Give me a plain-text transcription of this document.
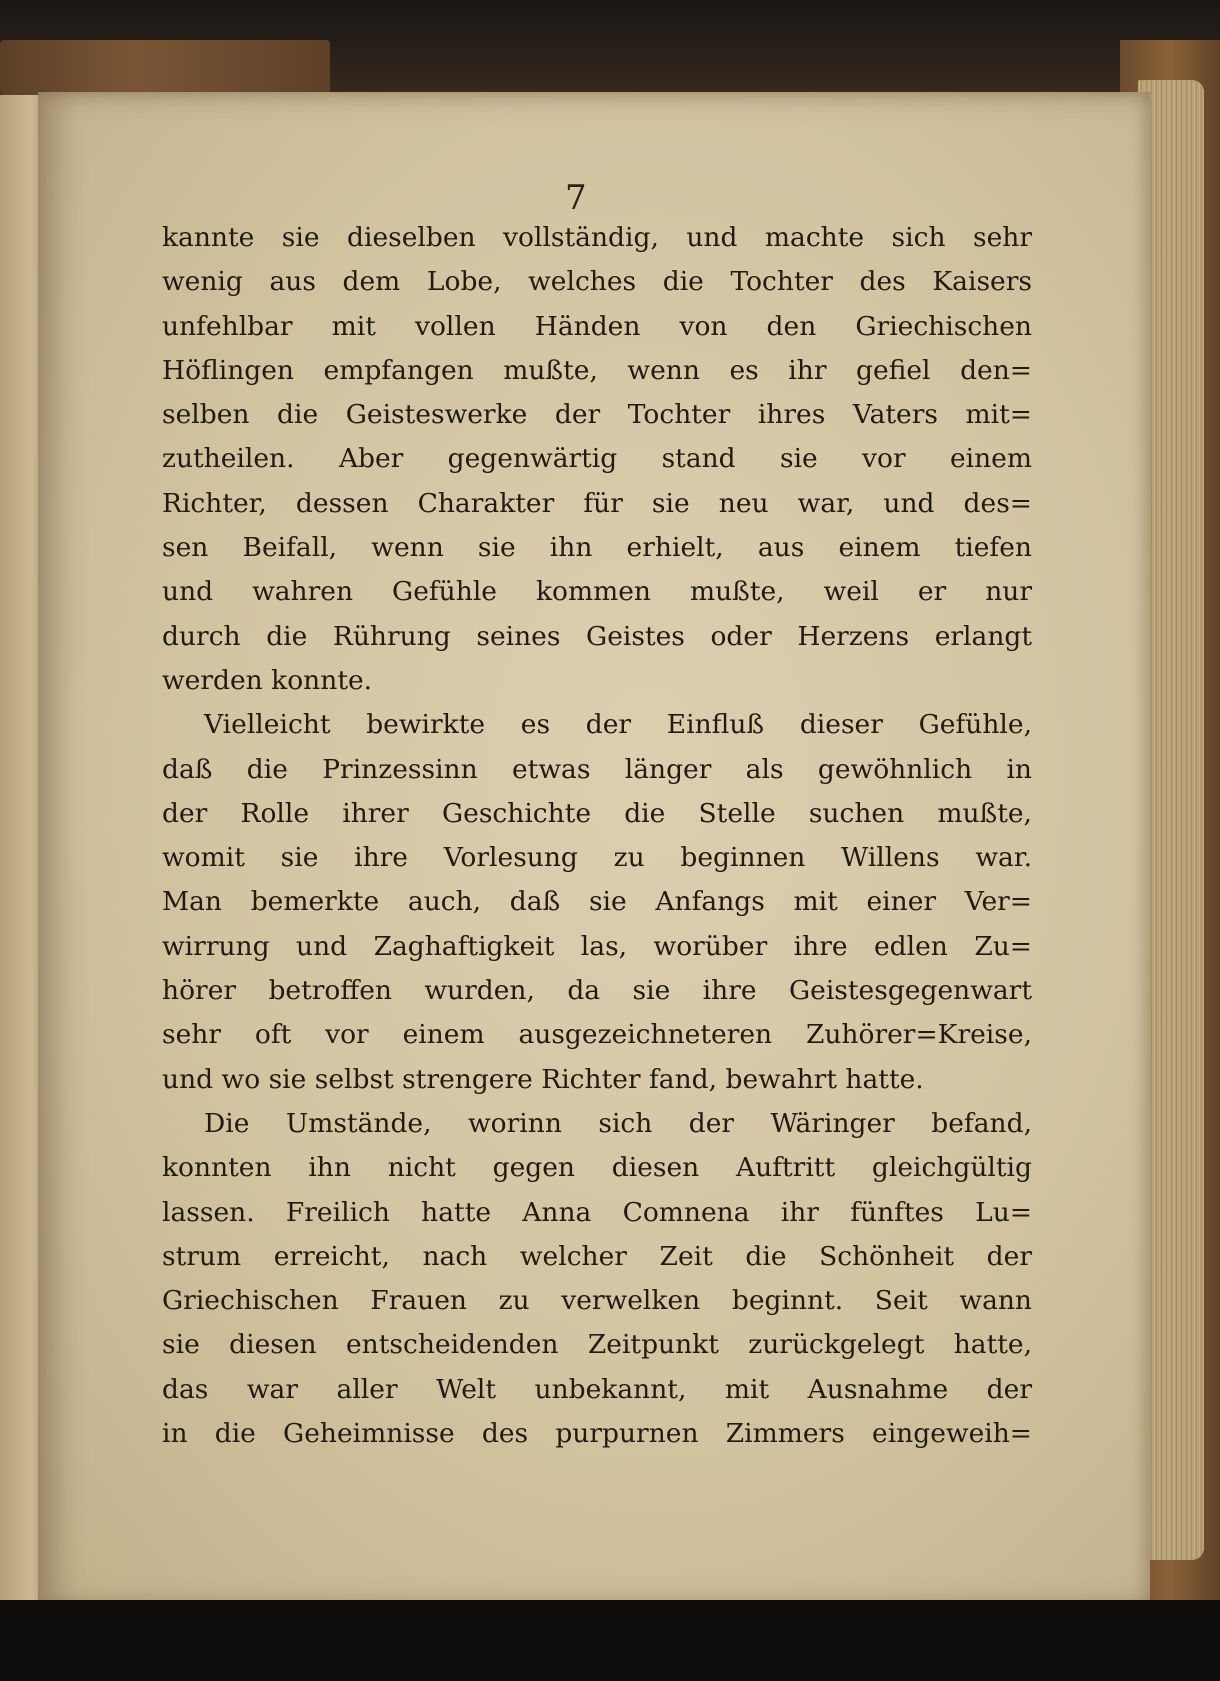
7
kannte sie dieselben vollständig, und machte sich sehr
wenig aus dem Lobe, welches die Tochter des Kaisers
unfehlbar mit vollen Händen von den Griechischen
Höflingen empfangen mußte, wenn es ihr gefiel den=
selben die Geisteswerke der Tochter ihres Vaters mit=
zutheilen. Aber gegenwärtig stand sie vor einem
Richter, dessen Charakter für sie neu war, und des=
sen Beifall, wenn sie ihn erhielt, aus einem tiefen
und wahren Gefühle kommen mußte, weil er nur
durch die Rührung seines Geistes oder Herzens erlangt
werden konnte.
Vielleicht bewirkte es der Einfluß dieser Gefühle,
daß die Prinzessinn etwas länger als gewöhnlich in
der Rolle ihrer Geschichte die Stelle suchen mußte,
womit sie ihre Vorlesung zu beginnen Willens war.
Man bemerkte auch, daß sie Anfangs mit einer Ver=
wirrung und Zaghaftigkeit las, worüber ihre edlen Zu=
hörer betroffen wurden, da sie ihre Geistesgegenwart
sehr oft vor einem ausgezeichneteren Zuhörer=Kreise,
und wo sie selbst strengere Richter fand, bewahrt hatte.
Die Umstände, worinn sich der Wäringer befand,
konnten ihn nicht gegen diesen Auftritt gleichgültig
lassen. Freilich hatte Anna Comnena ihr fünftes Lu=
strum erreicht, nach welcher Zeit die Schönheit der
Griechischen Frauen zu verwelken beginnt. Seit wann
sie diesen entscheidenden Zeitpunkt zurückgelegt hatte,
das war aller Welt unbekannt, mit Ausnahme der
in die Geheimnisse des purpurnen Zimmers eingeweih=
